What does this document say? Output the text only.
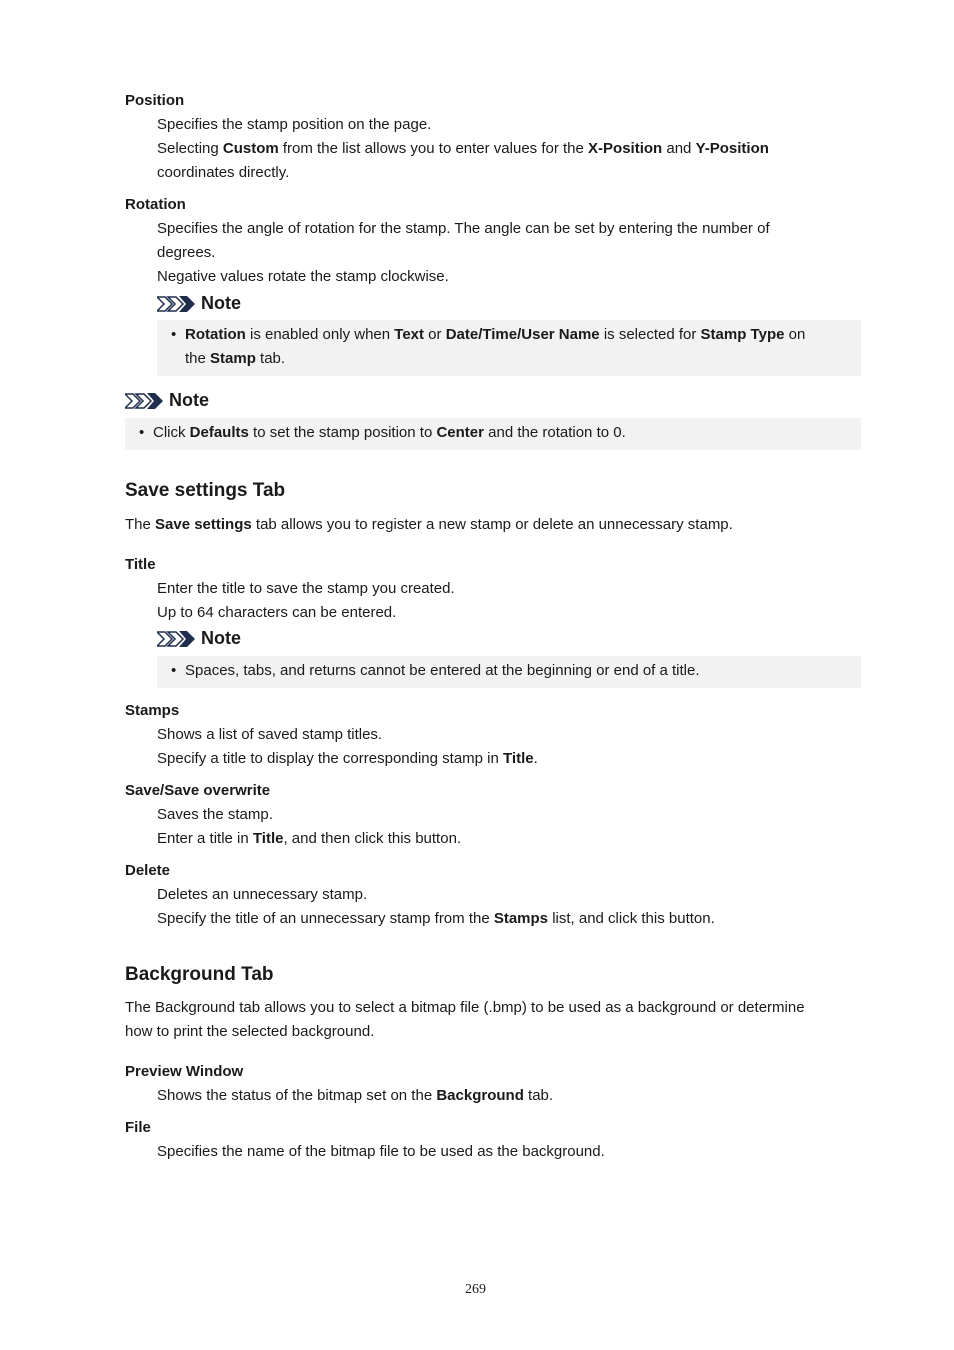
Position
Specifies the stamp position on the page.
Selecting Custom from the list allows you to enter values for the X-Position and Y-Position
coordinates directly.
Rotation
Specifies the angle of rotation for the stamp. The angle can be set by entering the number of
degrees.
Negative values rotate the stamp clockwise.
Note
• Rotation is enabled only when Text or Date/Time/User Name is selected for Stamp Type on
the Stamp tab.
Note
• Click Defaults to set the stamp position to Center and the rotation to 0.
Save settings Tab
The Save settings tab allows you to register a new stamp or delete an unnecessary stamp.
Title
Enter the title to save the stamp you created.
Up to 64 characters can be entered.
Note
• Spaces, tabs, and returns cannot be entered at the beginning or end of a title.
Stamps
Shows a list of saved stamp titles.
Specify a title to display the corresponding stamp in Title.
Save/Save overwrite
Saves the stamp.
Enter a title in Title, and then click this button.
Delete
Deletes an unnecessary stamp.
Specify the title of an unnecessary stamp from the Stamps list, and click this button.
Background Tab
The Background tab allows you to select a bitmap file (.bmp) to be used as a background or determine
how to print the selected background.
Preview Window
Shows the status of the bitmap set on the Background tab.
File
Specifies the name of the bitmap file to be used as the background.
269
